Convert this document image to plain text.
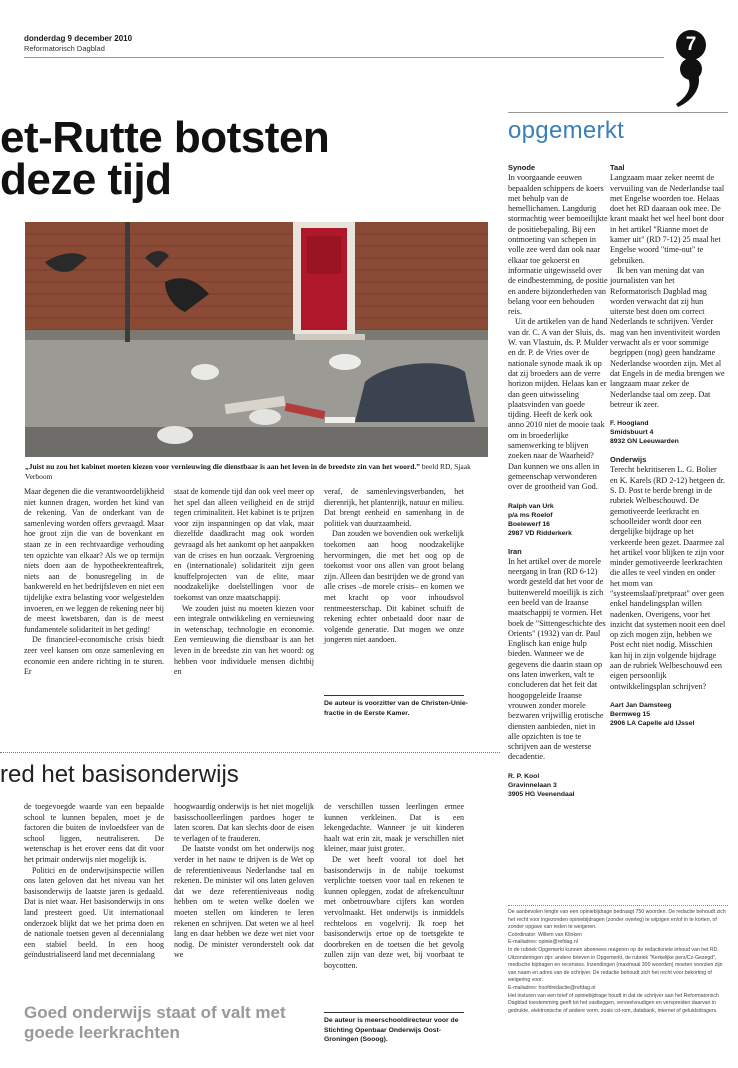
donderdag 9 december 2010
Reformatorisch Dagblad	7
et-Rutte botsten
deze tijd
„Juist nu zou het kabinet moeten kiezen voor vernieuwing die dienstbaar is aan het leven in de breedste zin van het woord.” beeld RD, Sjaak Verboom

Maar degenen die die verantwoordelijkheid niet kunnen dragen, worden het kind van de rekening. Van de onderkant van de samenleving worden offers gevraagd. Maar hoe groot zijn die van de bovenkant en staan ze in een rechtvaardige verhouding ten opzichte van elkaar? Als we op termijn niets doen aan de hypotheekrenteaftrek, niets aan de bonusregeling in de bankwereld en het bedrijfsleven en niet een tijdelijke extra belasting voor welgestelden invoeren, en we leggen de rekening neer bij de meest kwetsbaren, dan is de meest fundamentele solidariteit in het geding!

De financieel-economische crisis biedt zeer veel kansen om onze samenleving en economie een andere richting in te sturen. Er

staat de komende tijd dan ook veel meer op het spel dan alleen veiligheid en de strijd tegen criminaliteit. Het kabinet is te prijzen voor zijn inspanningen op dat vlak, maar diezelfde daadkracht mag ook worden gevraagd als het aankomt op het aanpakken van de crises en hun oorzaak. Vergroening en (internationale) solidariteit zijn geen knuffelprojecten van de elite, maar noodzakelijke doelstellingen voor de toekomst van onze maatschappij.

We zouden juist nu moeten kiezen voor een integrale ontwikkeling en vernieuwing in wetenschap, technologie en economie. Een vernieuwing die dienstbaar is aan het leven in de breedste zin van het woord: og hebben voor individuele mensen dichtbij en

veraf, de samenlevingsverbanden, het dierenrijk, het plantenrijk, natuur en milieu. Dat brengt eenheid en samenhang in de politiek van duurzaamheid.

Dan zouden we bovendien ook werkelijk toekomen aan hoog noodzakelijke hervormingen, die met het oog op de toekomst voor ons allen van groot belang zijn. Alleen dan bestrijden we de grond van alle crises –de morele crisis– en komen we met kracht op voor inhoudsvol rentmeesterschap. Dit kabinet schuift de rekening echter onbetaald door naar de volgende generatie. Dat mogen we onze jongeren niet aandoen.

De auteur is voorzitter van de Christen-Uniefractie in de Eerste Kamer.
red het basisonderwijs

de toegevoegde waarde van een bepaalde school te kunnen bepalen, moet je de factoren die buiten de invloedsfeer van de school liggen, neutraliseren. De wetenschap is het erover eens dat dit voor het primair onderwijs niet mogelijk is.

Politici en de onderwijsinspectie willen ons laten geloven dat het niveau van het basisonderwijs de laatste jaren is gedaald. Dat is niet waar. Het basisonderwijs in ons land presteert goed. Uit internationaal onderzoek blijkt dat we het prima doen en de nationale toetsen geven al decennialang een stabiel beeld. In een hoog geïndustrialiseerd land met decennialang

hoogwaardig onderwijs is het niet mogelijk basisschoolleerlingen pardoes hoger te laten scoren. Dat kan slechts door de eisen te verlagen of te frauderen.

De laatste vondst om het onderwijs nog verder in het nauw te drijven is de Wet op de referentieniveaus Nederlandse taal en rekenen. De minister wil ons laten geloven dat we deze referentieniveaus nodig hebben om te weten welke doelen we moeten stellen om kinderen te leren rekenen en schrijven. Dat weten we al heel lang en daar hebben we deze wet niet voor nodig. De minister veronderstelt ook dat we

de verschillen tussen leerlingen ermee kunnen verkleinen. Dat is een lekengedachte. Wanneer je uit kinderen haalt wat erin zit, maak je verschillen niet kleiner, maar juist groter.

De wet heeft vooral tot doel het basisonderwijs in de nabije toekomst verplichte toetsen voor taal en rekenen te kunnen opleggen, zodat de afrekencultuur met onbetrouwbare cijfers kan worden vervolmaakt. Het onderwijs is inmiddels rechteloos en vogelvrij. Ik roep het basisonderwijs ertoe op de toetsgekte te doorbreken en de toetsen die het gevolg zullen zijn van deze wet, bij voorbaat te boycotten.

Goed onderwijs staat of valt met goede leerkrachten
De auteur is meerschooldirecteur voor de Stichting Openbaar Onderwijs Oost-Groningen (Sooog).
opgemerkt
Synode

In voorgaande eeuwen bepaalden schippers de koers met behulp van de hemellichamen. Langdurig stormachtig weer bemoeilijkte de positiebepaling. Bij een ontmoeting van schepen in volle zee werd dan ook naar elkaar toe gekoerst en informatie uitgewisseld over de eindbestemming, de positie en andere bijzonderheden van belang voor een behouden reis.

Uit de artikelen van de hand van dr. C. A van der Sluis, ds. W. van Vlastuin, ds. P. Mulder en dr. P. de Vries over de nationale synode maak ik op dat zij broeders aan de verre horizon mijden. Helaas kan er dan geen uitwisseling plaatsvinden van goede tijding. Heeft de kerk ook anno 2010 niet de mooie taak om in broederlijke samenwerking te blijven zoeken naar de Waarheid? Dan kunnen we ons allen in gemeenschap verwonderen over de grootheid van God.

Ralph van Urk
p/a ms Roelof
Boelewerf 16
2987 VD Ridderkerk
Iran

In het artikel over de morele neergang in Iran (RD 6-12) wordt gesteld dat het voor de buitenwereld moeilijk is zich een beeld van de Iraanse maatschappij te vormen. Het boek de "Sittengeschichte des Orients" (1932) van dr. Paul Englisch kan enige hulp bieden. Wanneer we de gegevens die daarin staan op ons laten inwerken, valt te concluderen dat het feit dat hoogopgeleide Iraanse vrouwen zonder morele bezwaren vrijwillig erotische diensten aanbieden, niet in alle opzichten is toe te schrijven aan de westerse decadentie.

R. P. Kool
Gravinnelaan 3
3905 HG Veenendaal
Taal

Langzaam maar zeker neemt de vervuiling van de Nederlandse taal met Engelse woorden toe. Helaas doet het RD daaraan ook mee. De krant maakt het wel heel bont door in het artikel "Rianne moet de kamer uit" (RD 7-12) 25 maal het Engelse woord "time-out" te gebruiken.

Ik ben van mening dat van journalisten van het Reformatorisch Dagblad mag worden verwacht dat zij hun uiterste best doen om correct Nederlands te schrijven. Verder mag van hen inventiviteit worden verwacht als er voor sommige begrippen (nog) geen handzame Nederlandse woorden zijn. Met al dat Engels in de media brengen we langzaam maar zeker de Nederlandse taal om zeep. Dat betreur ik zeer.

F. Hoogland
Smidsbuurt 4
8932 GN Leeuwarden
Onderwijs

Terecht bekritiseren L. G. Bolier en K. Karels (RD 2-12) hetgeen dr. S. D. Post te berde brengt in de rubriek Welbeschouwd. De gemotiveerde leerkracht en schoolleider wordt door een dergelijke bijdrage op het verkeerde been gezet. Daarmee zal het artikel voor blijken te zijn voor minder gemotiveerde leerkrachten die alles te veel vinden en onder het mom van "systeemslaaf/pretpraat" over geen enkel handelingsplan willen nadenken. Overigens, voor het inzicht dat systemen nooit een doel op zich mogen zijn, hebben we Post echt niet nodig. Misschien kan hij in zijn volgende bijdrage aan de rubriek Welbeschouwd een eigen persoonlijk ontwikkelingsplan schrijven?

Aart Jan Damsteeg
Bermweg 15
2906 LA Capelle a/d IJssel

De aanbevolen lengte van een opiniebijdrage bedraagt 750 woorden. De redactie behoudt zich het recht voor ingezonden opiniebijdragen (zonder overleg) te wijzigen en/of in te korten, of zonder opgave van reden te weigeren.

Coördinator: Willem van Klinken

E-mailadres: opinie@refdag.nl

In de rubriek Opgemerkt kunnen abonnees reageren op de redactionele inhoud van het RD. Uitzonderingen zijn: andere brieven in Opgemerkt, de rubriek "Kerkelijke pers/Cz-Gezegd", medische bijdragen en recensies. Inzendingen (maximaal 300 woorden) moeten voorzien zijn van naam en adres van de schrijver. De redactie behoudt zich het recht voor bekorting of weigering voor.

E-mailadres: hoofdredactie@refdag.nl

Het insturen van een brief of opiniebijdrage houdt in dat de schrijver aan het Reformatorisch Dagblad toestemming geeft tot het vastleggen, verveelvoudigen en verspreiden daarvan in gedrukte, elektronische of andere vorm, zoals cd-rom, databank, internet of geluidsdragers.
